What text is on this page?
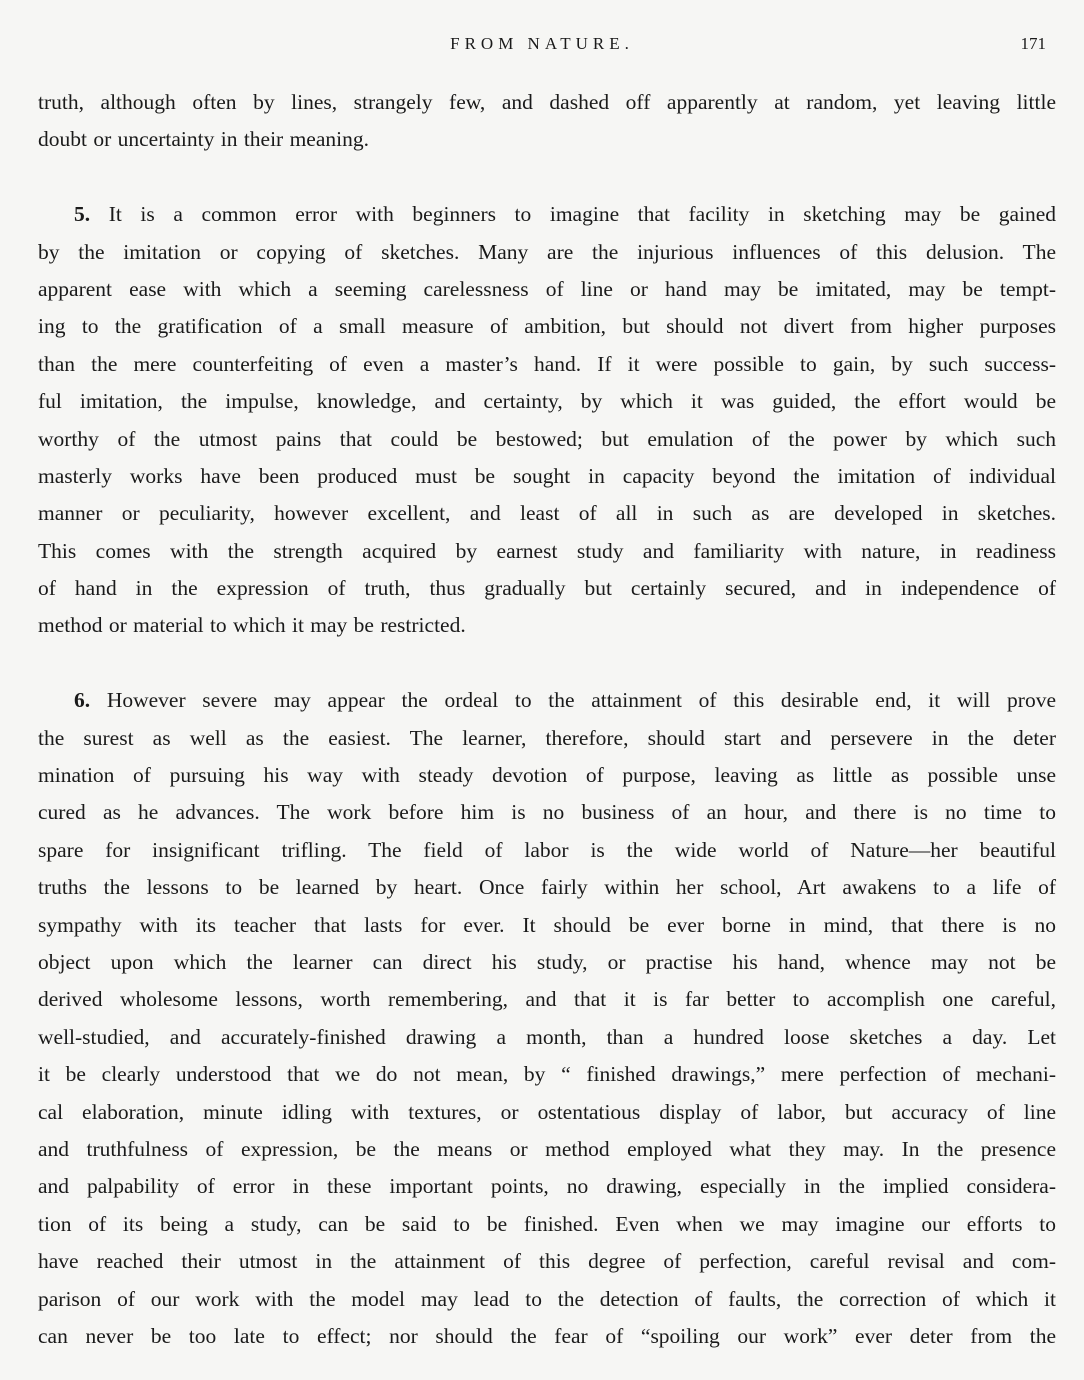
FROM NATURE.	171
truth, although often by lines, strangely few, and dashed off apparently at random, yet leaving little
doubt or uncertainty in their meaning.
5. It is a common error with beginners to imagine that facility in sketching may be gained
by the imitation or copying of sketches. Many are the injurious influences of this delusion. The
apparent ease with which a seeming carelessness of line or hand may be imitated, may be tempt-
ing to the gratification of a small measure of ambition, but should not divert from higher purposes
than the mere counterfeiting of even a master’s hand. If it were possible to gain, by such success-
ful imitation, the impulse, knowledge, and certainty, by which it was guided, the effort would be
worthy of the utmost pains that could be bestowed; but emulation of the power by which such
masterly works have been produced must be sought in capacity beyond the imitation of individual
manner or peculiarity, however excellent, and least of all in such as are developed in sketches.
This comes with the strength acquired by earnest study and familiarity with nature, in readiness
of hand in the expression of truth, thus gradually but certainly secured, and in independence of
method or material to which it may be restricted.
6. However severe may appear the ordeal to the attainment of this desirable end, it will prove
the surest as well as the easiest. The learner, therefore, should start and persevere in the deter
mination of pursuing his way with steady devotion of purpose, leaving as little as possible unse
cured as he advances. The work before him is no business of an hour, and there is no time to
spare for insignificant trifling. The field of labor is the wide world of Nature—her beautiful
truths the lessons to be learned by heart. Once fairly within her school, Art awakens to a life of
sympathy with its teacher that lasts for ever. It should be ever borne in mind, that there is no
object upon which the learner can direct his study, or practise his hand, whence may not be
derived wholesome lessons, worth remembering, and that it is far better to accomplish one careful,
well-studied, and accurately-finished drawing a month, than a hundred loose sketches a day. Let
it be clearly understood that we do not mean, by “ finished drawings,” mere perfection of mechani-
cal elaboration, minute idling with textures, or ostentatious display of labor, but accuracy of line
and truthfulness of expression, be the means or method employed what they may. In the presence
and palpability of error in these important points, no drawing, especially in the implied considera-
tion of its being a study, can be said to be finished. Even when we may imagine our efforts to
have reached their utmost in the attainment of this degree of perfection, careful revisal and com-
parison of our work with the model may lead to the detection of faults, the correction of which it
can never be too late to effect; nor should the fear of “spoiling our work” ever deter from the
